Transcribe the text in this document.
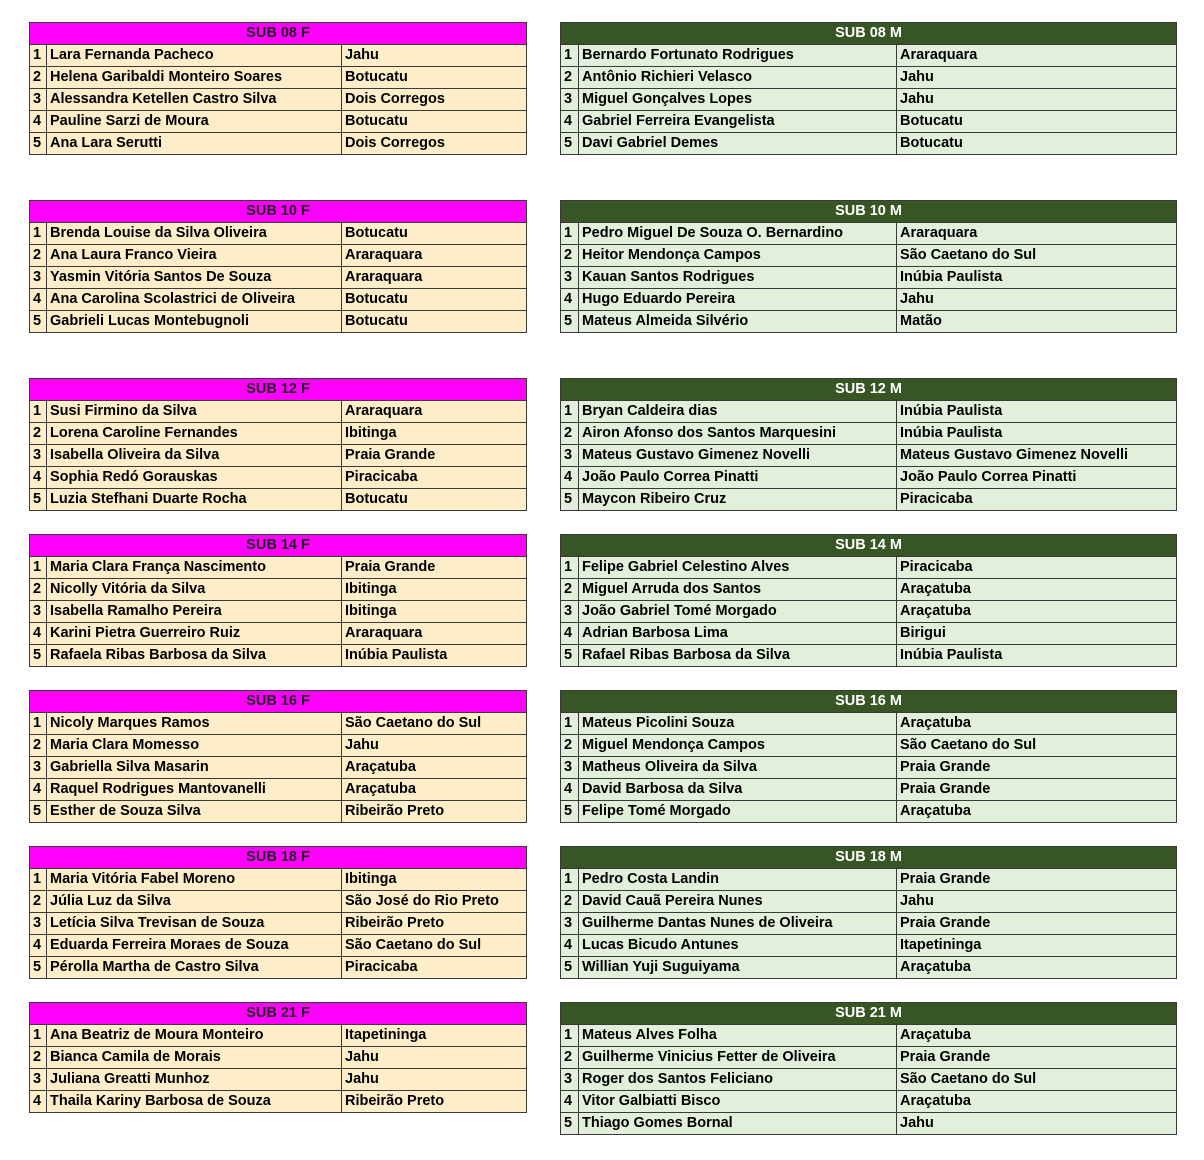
SUB 08 F		
1	Lara Fernanda Pacheco	Jahu
2	Helena Garibaldi Monteiro Soares	Botucatu
3	Alessandra Ketellen Castro Silva	Dois Corregos
4	Pauline Sarzi de Moura	Botucatu
5	Ana Lara Serutti	Dois Corregos
SUB 08 M		
1	Bernardo Fortunato Rodrigues	Araraquara
2	Antônio Richieri Velasco	Jahu
3	Miguel Gonçalves Lopes	Jahu
4	Gabriel Ferreira Evangelista	Botucatu
5	Davi Gabriel Demes	Botucatu
SUB 10 F		
1	Brenda Louise da Silva Oliveira	Botucatu
2	Ana Laura Franco Vieira	Araraquara
3	Yasmin Vitória Santos De Souza	Araraquara
4	Ana Carolina Scolastrici de Oliveira	Botucatu
5	Gabrieli Lucas Montebugnoli	Botucatu
SUB 10 M		
1	Pedro Miguel De Souza O. Bernardino	Araraquara
2	Heitor Mendonça Campos	São Caetano do Sul
3	Kauan Santos Rodrigues	Inúbia Paulista
4	Hugo Eduardo Pereira	Jahu
5	Mateus Almeida Silvério	Matão
SUB 12 F		
1	Susi Firmino da Silva	Araraquara
2	Lorena Caroline Fernandes	Ibitinga
3	Isabella Oliveira da Silva	Praia Grande
4	Sophia Redó Gorauskas	Piracicaba
5	Luzia Stefhani Duarte Rocha	Botucatu
SUB 12 M		
1	Bryan Caldeira dias	Inúbia Paulista
2	Airon Afonso dos Santos Marquesini	Inúbia Paulista
3	Mateus Gustavo Gimenez Novelli	Mateus Gustavo Gimenez Novelli
4	João Paulo Correa Pinatti	João Paulo Correa Pinatti
5	Maycon Ribeiro Cruz	Piracicaba
SUB 14 F		
1	Maria Clara França Nascimento	Praia Grande
2	Nicolly Vitória da Silva	Ibitinga
3	Isabella Ramalho Pereira	Ibitinga
4	Karini Pietra Guerreiro Ruiz	Araraquara
5	Rafaela Ribas Barbosa da Silva	Inúbia Paulista
SUB 14 M		
1	Felipe Gabriel Celestino Alves	Piracicaba
2	Miguel Arruda dos Santos	Araçatuba
3	João Gabriel Tomé Morgado	Araçatuba
4	Adrian Barbosa Lima	Birigui
5	Rafael Ribas Barbosa da Silva	Inúbia Paulista
SUB 16 F		
1	Nicoly Marques Ramos	São Caetano do Sul
2	Maria Clara Momesso	Jahu
3	Gabriella Silva Masarin	Araçatuba
4	Raquel Rodrigues Mantovanelli	Araçatuba
5	Esther de Souza Silva	Ribeirão Preto
SUB 16 M		
1	Mateus Picolini Souza	Araçatuba
2	Miguel Mendonça Campos	São Caetano do Sul
3	Matheus Oliveira da Silva	Praia Grande
4	David Barbosa da Silva	Praia Grande
5	Felipe Tomé Morgado	Araçatuba
SUB 18 F		
1	Maria Vitória Fabel Moreno	Ibitinga
2	Júlia Luz da Silva	São José do Rio Preto
3	Letícia Silva Trevisan de Souza	Ribeirão Preto
4	Eduarda Ferreira Moraes de Souza	São Caetano do Sul
5	Pérolla Martha de Castro Silva	Piracicaba
SUB 18 M		
1	Pedro Costa Landin	Praia Grande
2	David Cauã Pereira Nunes	Jahu
3	Guilherme Dantas Nunes de Oliveira	Praia Grande
4	Lucas Bicudo Antunes	Itapetininga
5	Willian Yuji Suguiyama	Araçatuba
SUB 21 F		
1	Ana Beatriz de Moura Monteiro	Itapetininga
2	Bianca Camila de Morais	Jahu
3	Juliana Greatti Munhoz	Jahu
4	Thaila Kariny Barbosa de Souza	Ribeirão Preto
SUB 21 M		
1	Mateus Alves Folha	Araçatuba
2	Guilherme Vinicius Fetter de Oliveira	Praia Grande
3	Roger dos Santos Feliciano	São Caetano do Sul
4	Vitor Galbiatti Bisco	Araçatuba
5	Thiago Gomes Bornal	Jahu
